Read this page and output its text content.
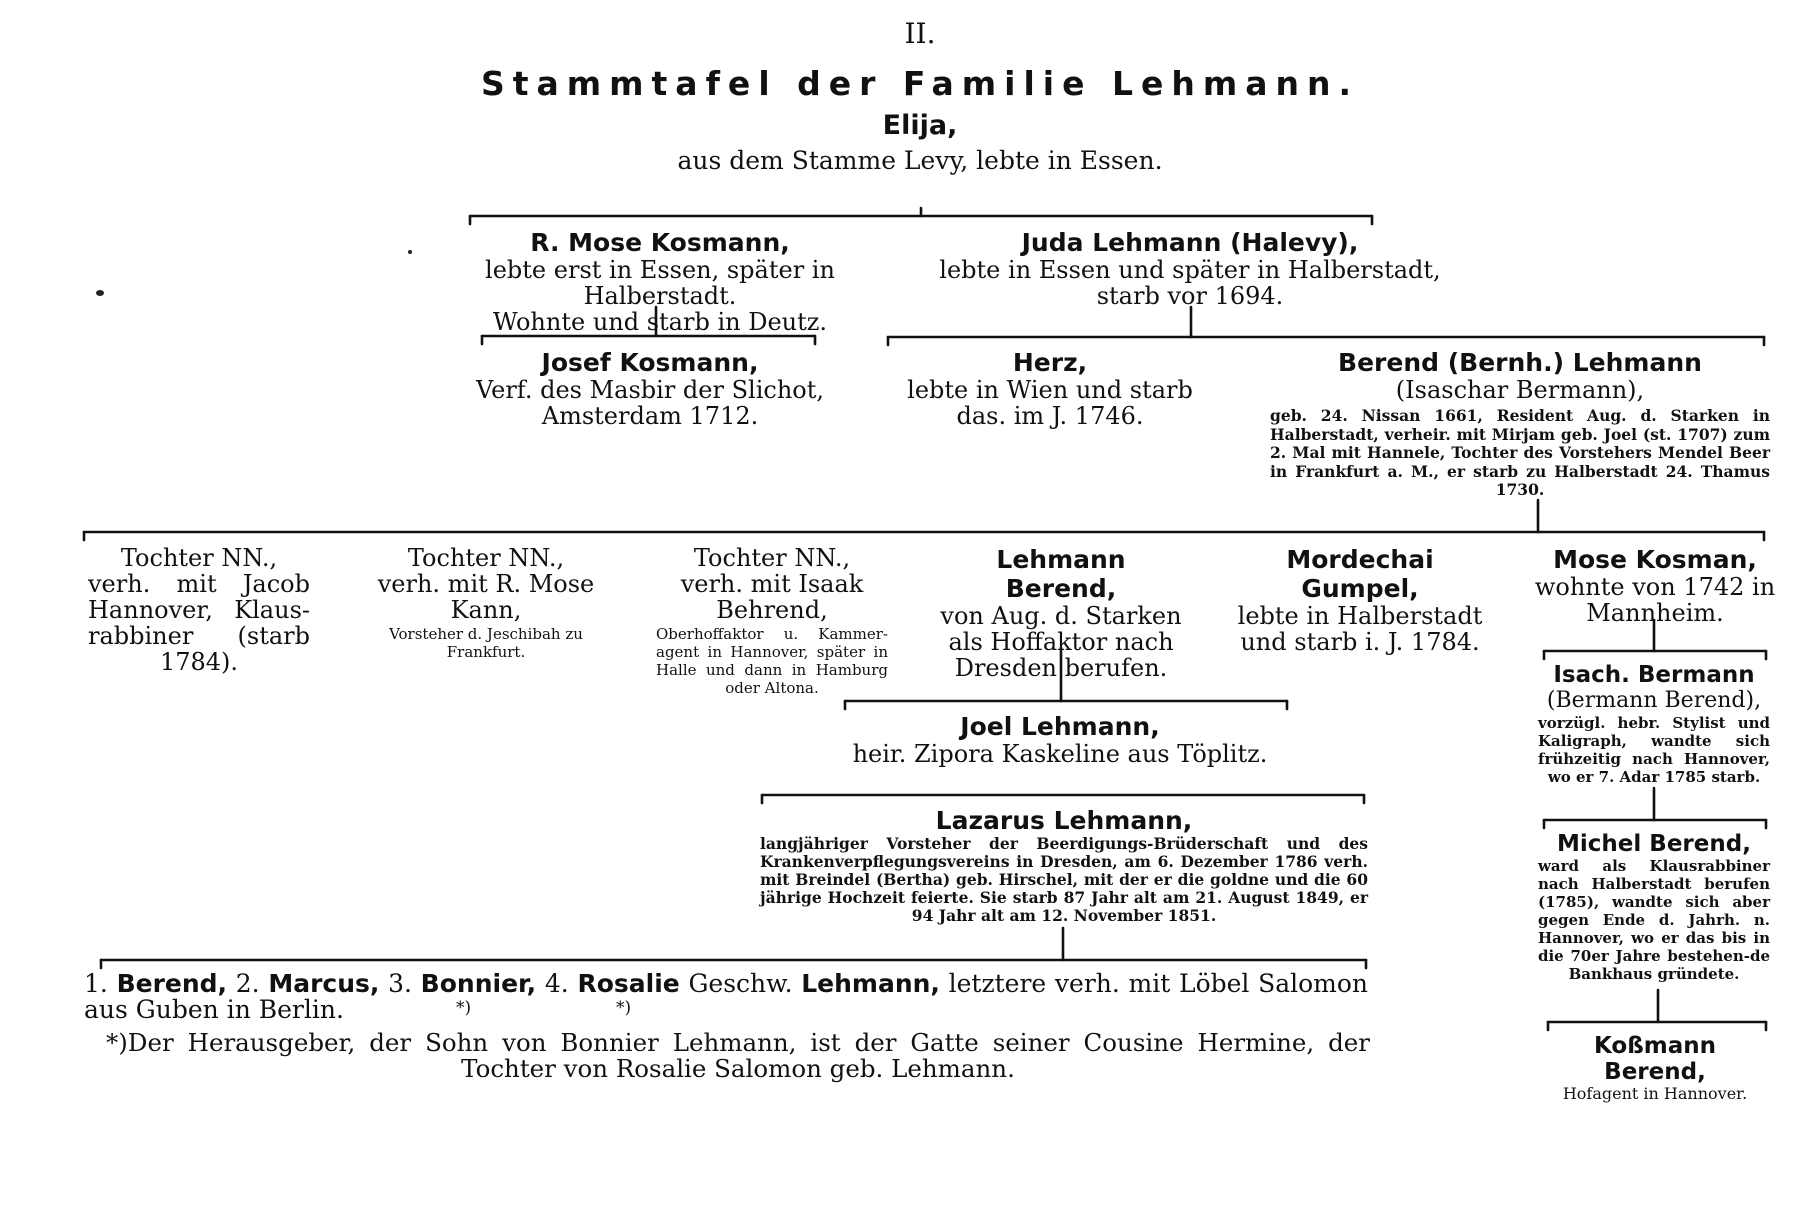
II.
Stammtafel der Familie Lehmann.
Elija,
aus dem Stamme Levy, lebte in Essen.
R. Mose Kosmann,
lebte erst in Essen, später in Halberstadt.
Wohnte und starb in Deutz.
Juda Lehmann (Halevy),
lebte in Essen und später in Halberstadt,
starb vor 1694.
Josef Kosmann,
Verf. des Masbir der Slichot,
Amsterdam 1712.
Herz,
lebte in Wien und starb
das. im J. 1746.
Berend (Bernh.) Lehmann
(Isaschar Bermann),
geb. 24. Nissan 1661, Resident Aug. d. Starken in Halberstadt, verheir. mit Mirjam geb. Joel (st. 1707) zum 2. Mal mit Hannele, Tochter des Vorstehers Mendel Beer in Frankfurt a. M., er starb zu Halberstadt 24. Thamus 1730.
Tochter NN.,
verh. mit Jacob Hannover, Klaus-rabbiner (starb 1784).
Tochter NN.,
verh. mit R. Mose Kann,
Vorsteher d. Jeschibah zu Frankfurt.
Tochter NN.,
verh. mit Isaak Behrend,
Oberhoffaktor u. Kammer-agent in Hannover, später in Halle und dann in Hamburg oder Altona.
Lehmann Berend,
von Aug. d. Starken als Hoffaktor nach Dresden berufen.
Mordechai Gumpel,
lebte in Halberstadt und starb i. J. 1784.
Mose Kosman,
wohnte von 1742 in Mannheim.
Joel Lehmann,
heir. Zipora Kaskeline aus Töplitz.
Isach. Bermann
(Bermann Berend),
vorzügl. hebr. Stylist und Kaligraph, wandte sich frühzeitig nach Hannover, wo er 7. Adar 1785 starb.
Lazarus Lehmann,
langjähriger Vorsteher der Beerdigungs-Brüderschaft und des Krankenverpflegungsvereins in Dresden, am 6. Dezember 1786 verh. mit Breindel (Bertha) geb. Hirschel, mit der er die goldne und die 60 jährige Hochzeit feierte. Sie starb 87 Jahr alt am 21. August 1849, er 94 Jahr alt am 12. November 1851.
Michel Berend,
ward als Klausrabbiner nach Halberstadt berufen (1785), wandte sich aber gegen Ende d. Jahrh. n. Hannover, wo er das bis in die 70er Jahre bestehen-de Bankhaus gründete.
1. Berend, 2. Marcus, 3. Bonnier, 4. Rosalie Geschw. Lehmann, letztere verh. mit Löbel Salomon aus Guben in Berlin.	*)	*)
*)Der Herausgeber, der Sohn von Bonnier Lehmann, ist der Gatte seiner Cousine Hermine, der Tochter von Rosalie Salomon geb. Lehmann.
Koßmann Berend,
Hofagent in Hannover.
